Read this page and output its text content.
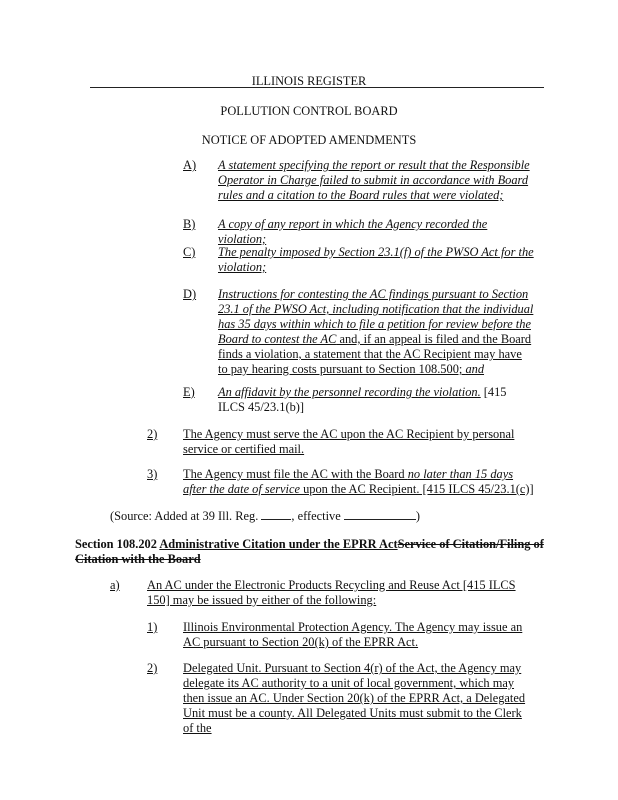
ILLINOIS REGISTER
POLLUTION CONTROL BOARD
NOTICE OF ADOPTED AMENDMENTS
A)	A statement specifying the report or result that the Responsible Operator in Charge failed to submit in accordance with Board rules and a citation to the Board rules that were violated;
B)	A copy of any report in which the Agency recorded the violation;
C)	The penalty imposed by Section 23.1(f) of the PWSO Act for the violation;
D)	Instructions for contesting the AC findings pursuant to Section 23.1 of the PWSO Act, including notification that the individual has 35 days within which to file a petition for review before the Board to contest the AC and, if an appeal is filed and the Board finds a violation, a statement that the AC Recipient may have to pay hearing costs pursuant to Section 108.500; and
E)	An affidavit by the personnel recording the violation. [415 ILCS 45/23.1(b)]
2)	The Agency must serve the AC upon the AC Recipient by personal service or certified mail.
3)	The Agency must file the AC with the Board no later than 15 days after the date of service upon the AC Recipient. [415 ILCS 45/23.1(c)]
(Source: Added at 39 Ill. Reg. , effective	)
Section 108.202 Administrative Citation under the EPRR ActService of Citation/Filing of Citation with the Board
a)	An AC under the Electronic Products Recycling and Reuse Act [415 ILCS 150] may be issued by either of the following:
1)	Illinois Environmental Protection Agency. The Agency may issue an AC pursuant to Section 20(k) of the EPRR Act.
2)	Delegated Unit. Pursuant to Section 4(r) of the Act, the Agency may delegate its AC authority to a unit of local government, which may then issue an AC. Under Section 20(k) of the EPRR Act, a Delegated Unit must be a county. All Delegated Units must submit to the Clerk of the
